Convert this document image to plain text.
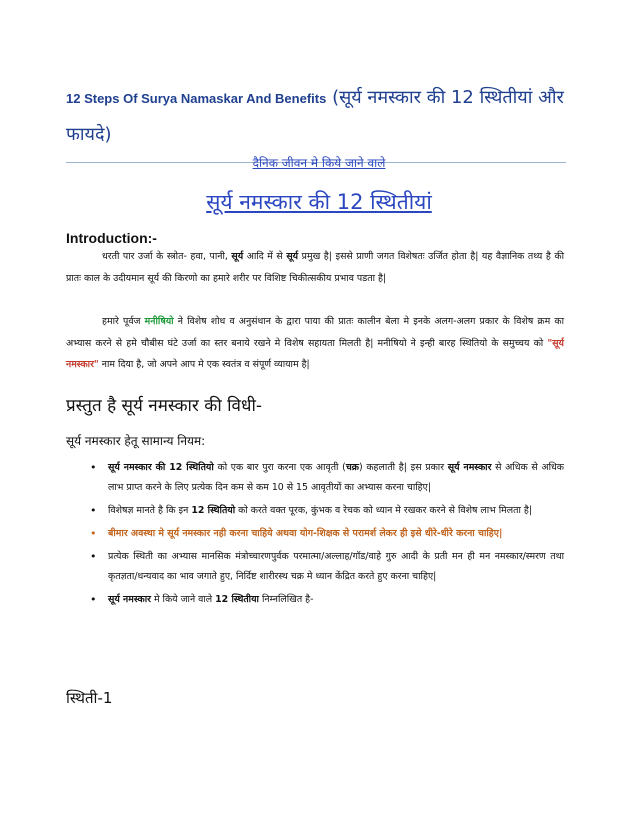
12 Steps Of Surya Namaskar And Benefits (सूर्य नमस्कार की 12 स्थितीयां और फायदे)
दैनिक जीवन मे किये जाने वाले
सूर्य नमस्कार की 12 स्थितीयां
Introduction:-

धरती पार उर्जा के स्त्रोत- हवा, पानी, सूर्य आदि में से सूर्य प्रमुख है| इससे प्राणी जगत विशेषतः उर्जित होता है| यह वैज्ञानिक तथ्य है की प्रातः काल के उदीयमान सूर्य की किरणो का हमारे शरीर पर विशिष्ट चिकीत्सकीय प्रभाव पडता है|

हमारे पूर्वज मनीषियो ने विशेष शोध व अनुसंधान के द्वारा पाया की प्रातः कालीन बेला मे इनके अलग-अलग प्रकार के विशेष क्रम का अभ्यास करने से हमे चौबीस घंटे उर्जा का स्तर बनाये रखने मे विशेष सहायता मिलती है| मनीषियो ने इन्ही बारह स्थितियो के समुच्चय को "सूर्य नमस्कार" नाम दिया है, जो अपने आप मे एक स्वतंत्र व संपूर्ण व्यायाम है|

प्रस्तुत है सूर्य नमस्कार की विधी-
सूर्य नमस्कार हेतू सामान्य नियम:
• सूर्य नमस्कार की 12 स्थितियो को एक बार पुरा करना एक आवृती (चक्र) कहलाती है| इस प्रकार सूर्य नमस्कार से अधिक से अधिक लाभ प्राप्त करने के लिए प्रत्येक दिन कम से कम 10 से 15 आवृतीयों का अभ्यास करना चाहिए|
• विशेषज्ञ मानते है कि इन 12 स्थितियो को करते वक्त पूरक, कुंभक व रेचक को ध्यान मे रखकर करने से विशेष लाभ मिलता है|
• बीमार अवस्था मे सूर्य नमस्कार नही करना चाहिये अथवा योग-शिक्षक से परामर्श लेकर ही इसे धीरे-धीरे करना चाहिए|
• प्रत्येक स्थिती का अभ्यास मानसिक मंत्रोच्चारणपुर्वक परमात्मा/अल्लाह/गॉड/वाहे गुरु आदी के प्रती मन ही मन नमस्कार/स्मरण तथा कृतज्ञता/धन्यवाद का भाव जगाते हुए, निर्दिष्ट शारीरस्थ चक्र मे ध्यान केंद्रित करते हुए करना चाहिए|
• सूर्य नमस्कार मे किये जाने वाले 12 स्थितीया निम्नलिखित है-
स्थिती-1
